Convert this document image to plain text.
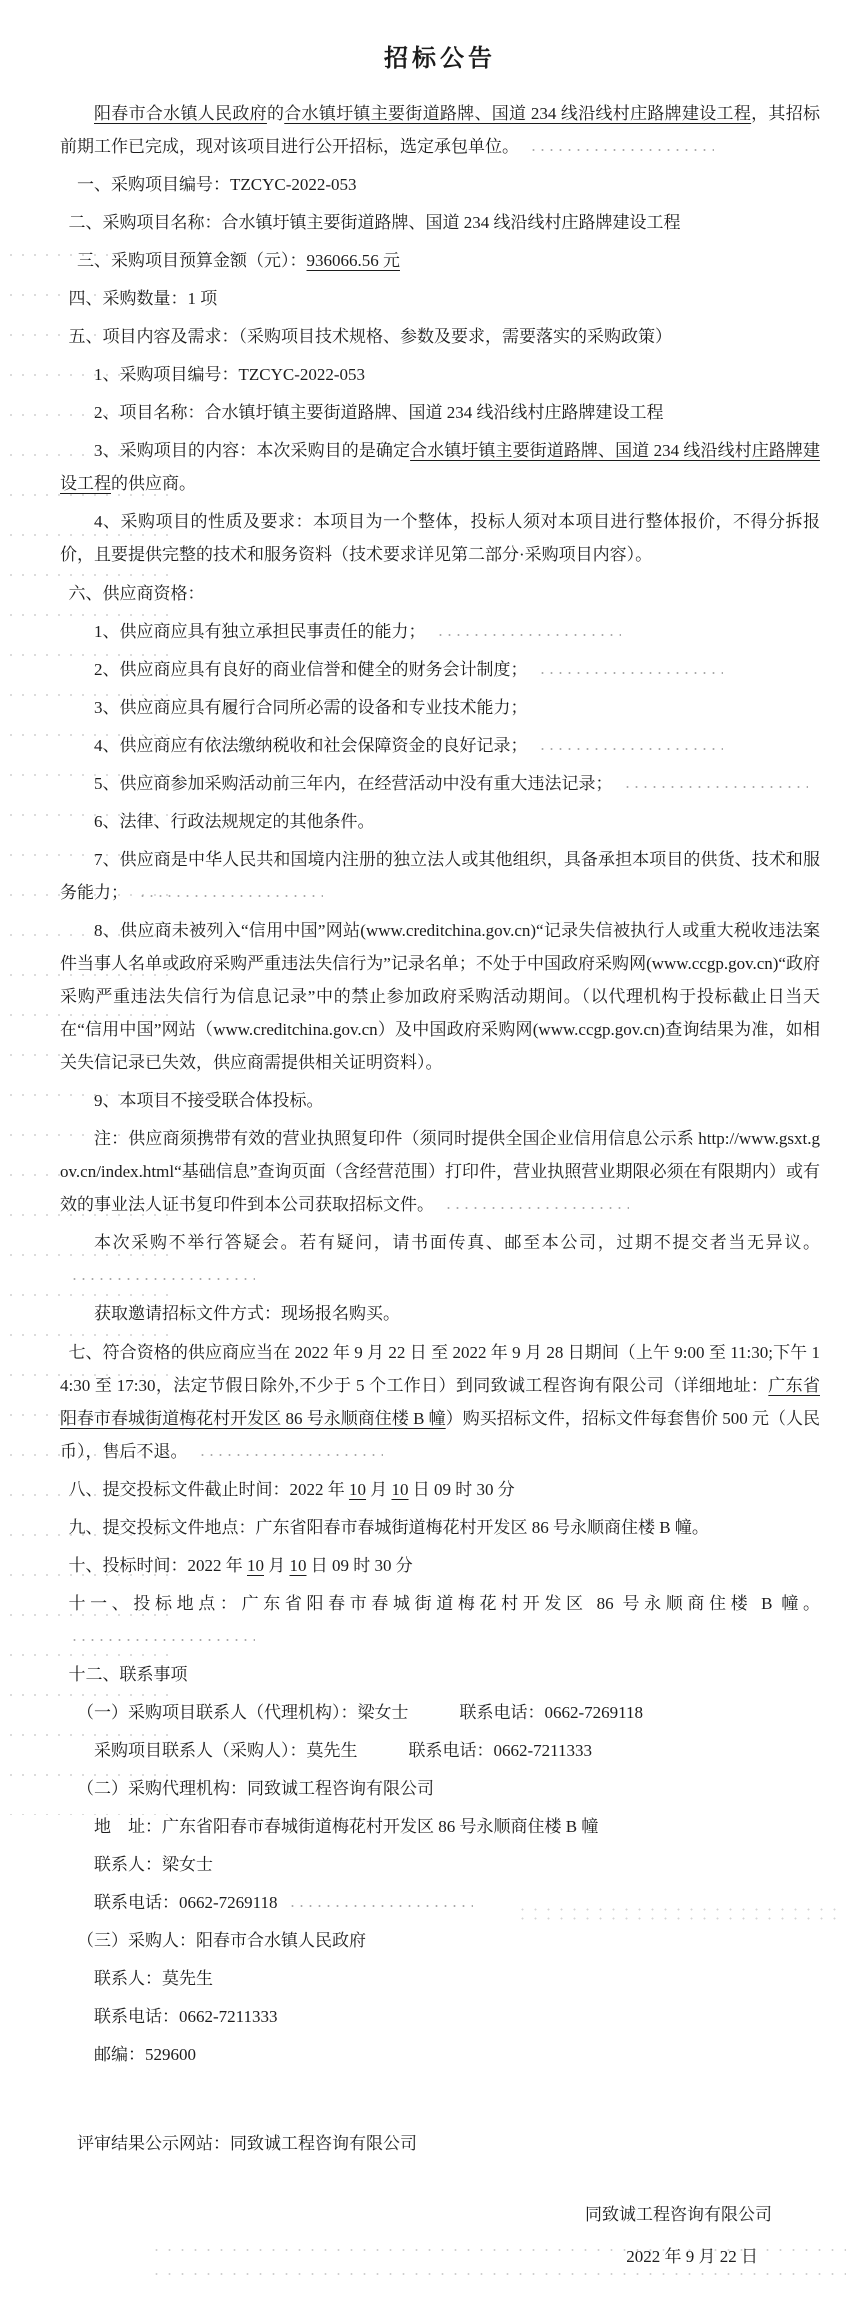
招标公告

阳春市合水镇人民政府的合水镇圩镇主要街道路牌、国道 234 线沿线村庄路牌建设工程，其招标前期工作已完成，现对该项目进行公开招标，选定承包单位。

一、采购项目编号：TZCYC-2022-053

二、采购项目名称：合水镇圩镇主要街道路牌、国道 234 线沿线村庄路牌建设工程

三、采购项目预算金额（元）：936066.56 元

四、采购数量：1 项

五、项目内容及需求：（采购项目技术规格、参数及要求，需要落实的采购政策）

1、采购项目编号：TZCYC-2022-053

2、项目名称：合水镇圩镇主要街道路牌、国道 234 线沿线村庄路牌建设工程

3、采购项目的内容：本次采购目的是确定合水镇圩镇主要街道路牌、国道 234 线沿线村庄路牌建设工程的供应商。

4、采购项目的性质及要求：本项目为一个整体，投标人须对本项目进行整体报价，不得分拆报价，且要提供完整的技术和服务资料（技术要求详见第二部分·采购项目内容）。

六、供应商资格：

1、供应商应具有独立承担民事责任的能力；

2、供应商应具有良好的商业信誉和健全的财务会计制度；

3、供应商应具有履行合同所必需的设备和专业技术能力；

4、供应商应有依法缴纳税收和社会保障资金的良好记录；

5、供应商参加采购活动前三年内，在经营活动中没有重大违法记录；

6、法律、行政法规规定的其他条件。

7、供应商是中华人民共和国境内注册的独立法人或其他组织，具备承担本项目的供货、技术和服务能力；

8、供应商未被列入“信用中国”网站(www.creditchina.gov.cn)“记录失信被执行人或重大税收违法案件当事人名单或政府采购严重违法失信行为”记录名单；不处于中国政府采购网(www.ccgp.gov.cn)“政府采购严重违法失信行为信息记录”中的禁止参加政府采购活动期间。（以代理机构于投标截止日当天在“信用中国”网站（www.creditchina.gov.cn）及中国政府采购网(www.ccgp.gov.cn)查询结果为准，如相关失信记录已失效，供应商需提供相关证明资料）。

9、本项目不接受联合体投标。

注：供应商须携带有效的营业执照复印件（须同时提供全国企业信用信息公示系 http://www.gsxt.gov.cn/index.html“基础信息”查询页面（含经营范围）打印件，营业执照营业期限必须在有限期内）或有效的事业法人证书复印件到本公司获取招标文件。

本次采购不举行答疑会。若有疑问，请书面传真、邮至本公司，过期不提交者当无异议。

获取邀请招标文件方式：现场报名购买。

七、符合资格的供应商应当在 2022 年 9 月 22 日 至 2022 年 9 月 28 日期间（上午 9:00 至 11:30;下午 14:30 至 17:30，法定节假日除外,不少于 5 个工作日）到同致诚工程咨询有限公司（详细地址：广东省阳春市春城街道梅花村开发区 86 号永顺商住楼 B 幢）购买招标文件，招标文件每套售价 500 元（人民币），售后不退。

八、提交投标文件截止时间：2022 年 10 月 10 日 09 时 30 分

九、提交投标文件地点：广东省阳春市春城街道梅花村开发区 86 号永顺商住楼 B 幢。

十、投标时间：2022 年 10 月 10 日 09 时 30 分

十一、投标地点：广东省阳春市春城街道梅花村开发区 86 号永顺商住楼 B 幢。

十二、联系事项

（一）采购项目联系人（代理机构）：梁女士　　　联系电话：0662-7269118

采购项目联系人（采购人）：莫先生　　　联系电话：0662-7211333

（二）采购代理机构：同致诚工程咨询有限公司

地　址：广东省阳春市春城街道梅花村开发区 86 号永顺商住楼 B 幢

联系人：梁女士

联系电话：0662-7269118

（三）采购人：阳春市合水镇人民政府

联系人：莫先生

联系电话：0662-7211333

邮编：529600

评审结果公示网站：同致诚工程咨询有限公司

同致诚工程咨询有限公司
2022 年 9 月 22 日
